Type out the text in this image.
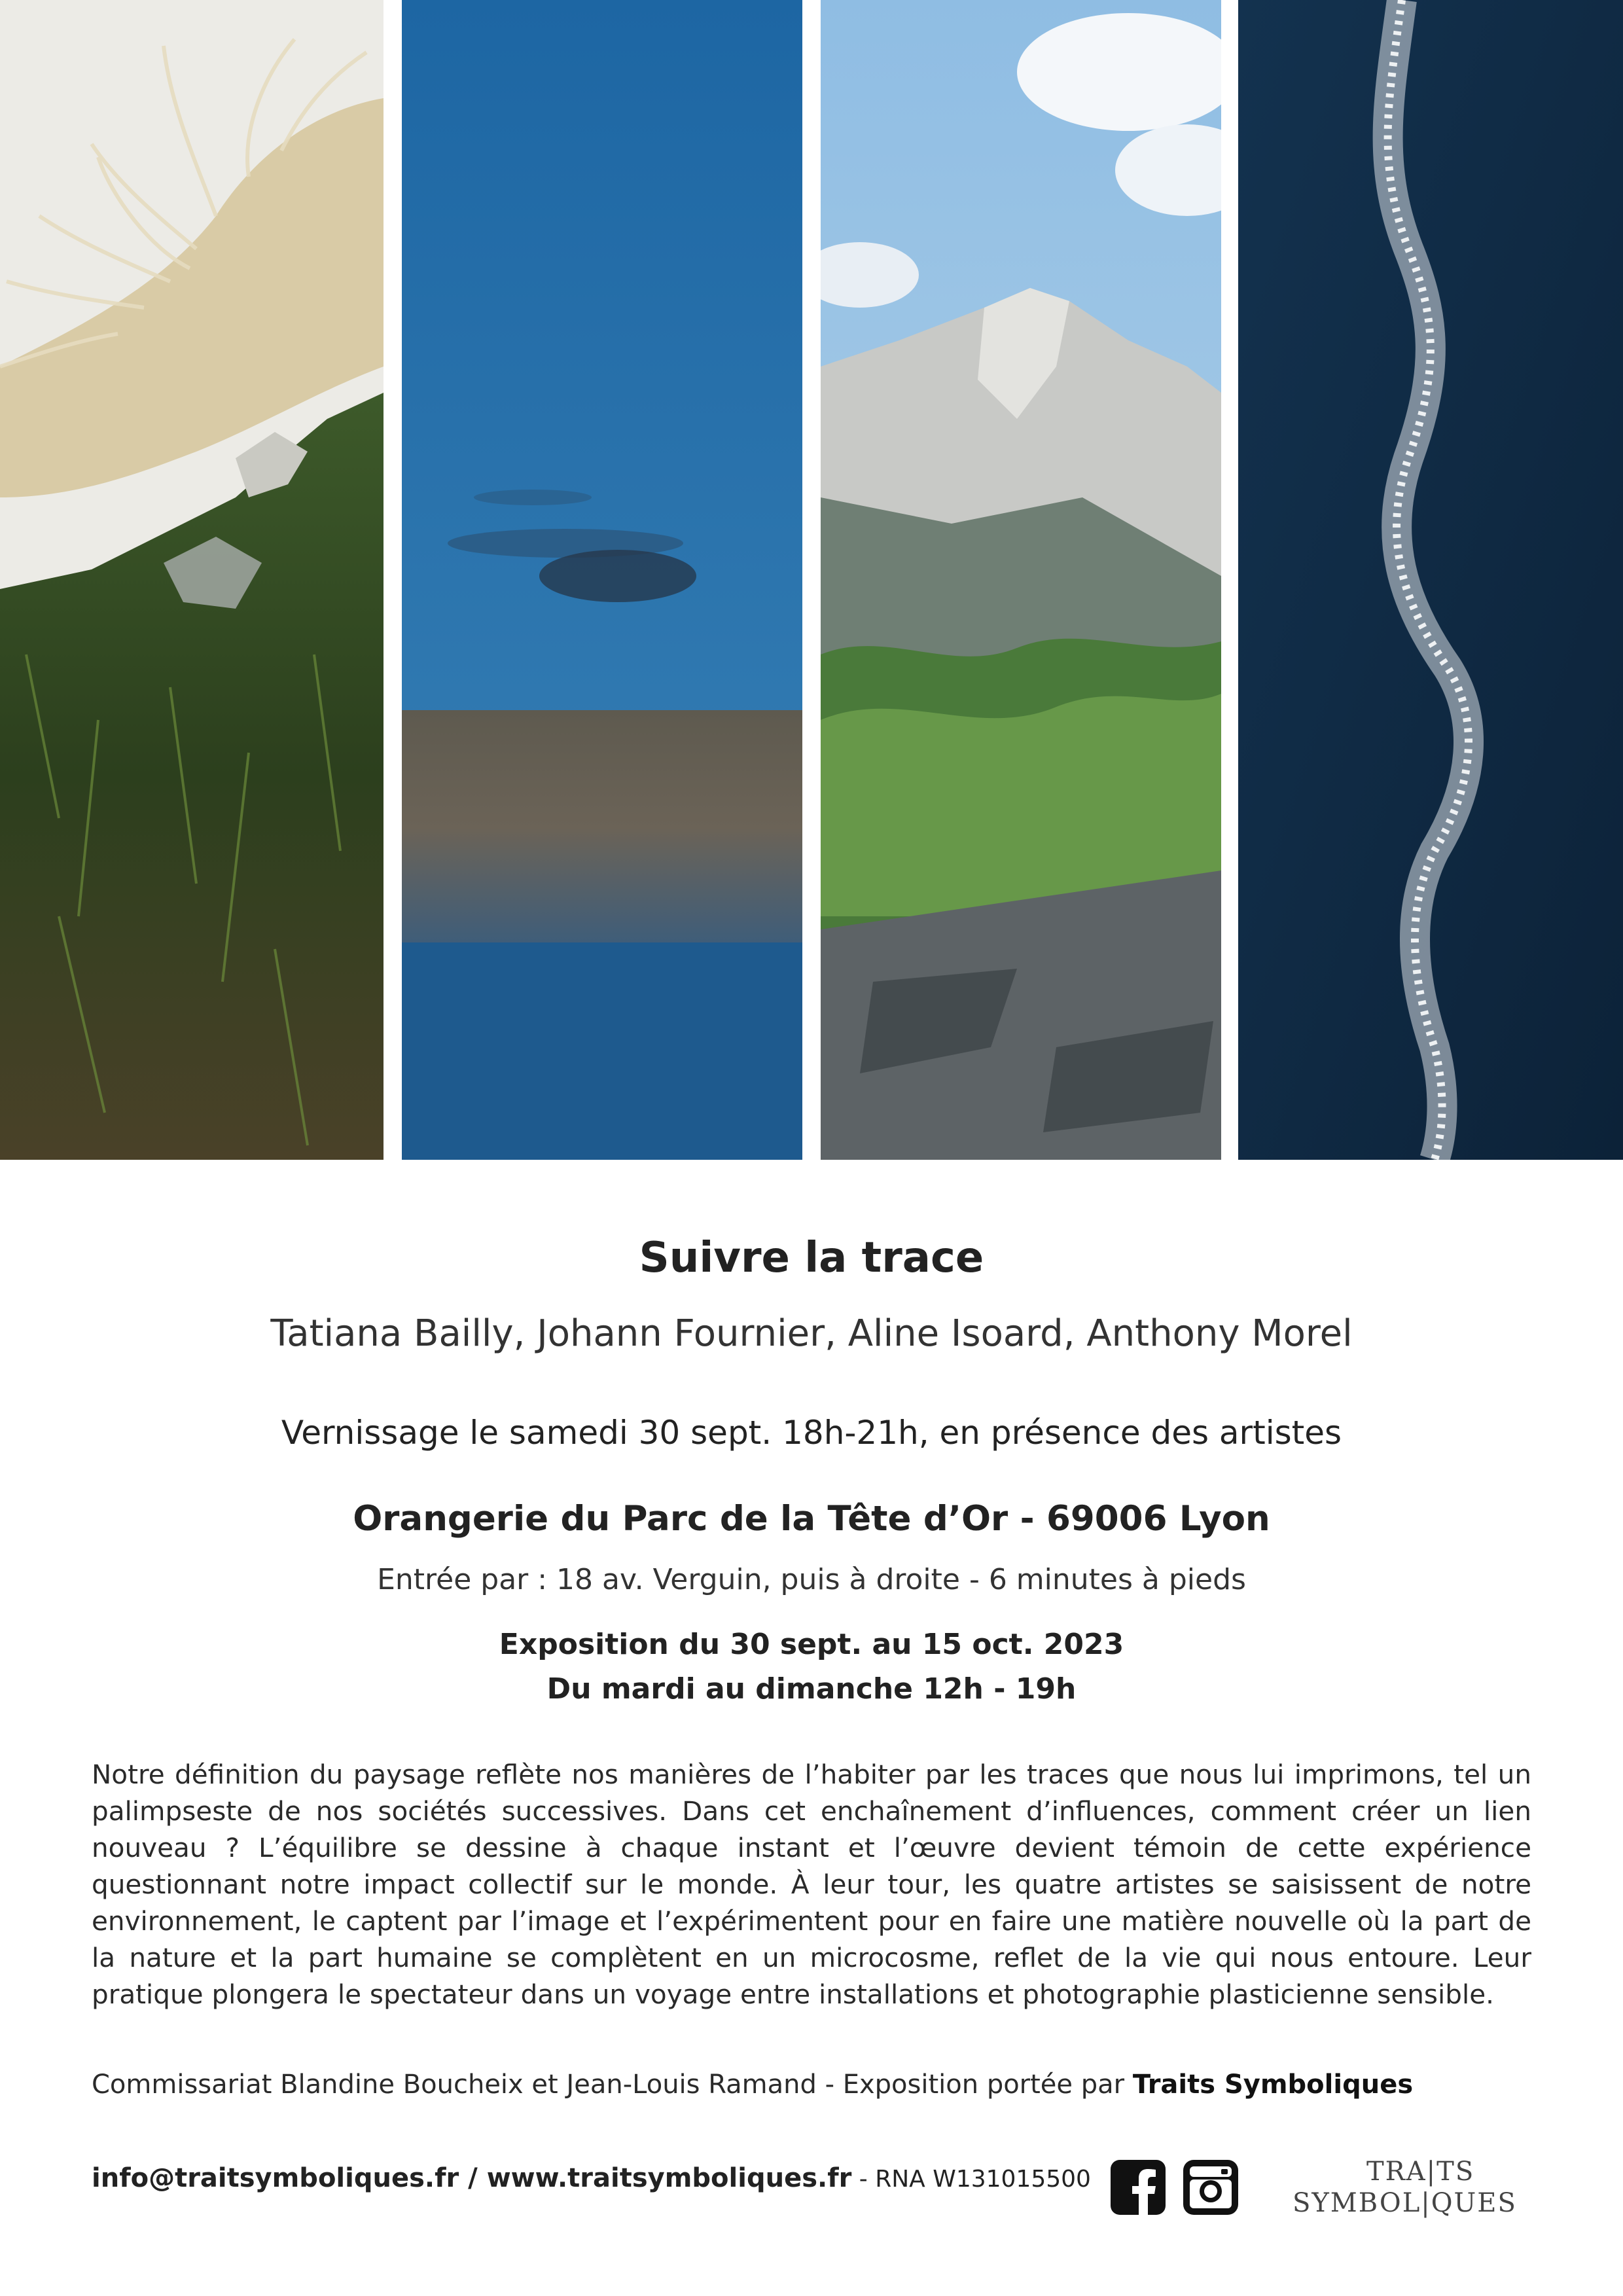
Suivre la trace
Tatiana Bailly, Johann Fournier, Aline Isoard, Anthony Morel
Vernissage le samedi 30 sept. 18h-21h, en présence des artistes
Orangerie du Parc de la Tête d’Or - 69006 Lyon
Entrée par : 18 av. Verguin, puis à droite - 6 minutes à pieds
Exposition du 30 sept. au 15 oct. 2023
Du mardi au dimanche 12h - 19h
Notre définition du paysage reflète nos manières de l’habiter par les traces que nous lui imprimons, tel un palimpseste de nos sociétés successives. Dans cet enchaînement d’influences, comment créer un lien nouveau ? L’équilibre se dessine à chaque instant et l’œuvre devient témoin de cette expérience questionnant notre impact collectif sur le monde. À leur tour, les quatre artistes se saisissent de notre environnement, le captent par l’image et l’expérimentent pour en faire une matière nouvelle où la part de la nature et la part humaine se complètent en un microcosme, reflet de la vie qui nous entoure. Leur pratique plongera le spectateur dans un voyage entre installations et photographie plasticienne sensible.
Commissariat Blandine Boucheix et Jean-Louis Ramand - Exposition portée par Traits Symboliques
info@traitsymboliques.fr / www.traitsymboliques.fr - RNA W131015500	TRA|TS
SYMBOL|QUES
